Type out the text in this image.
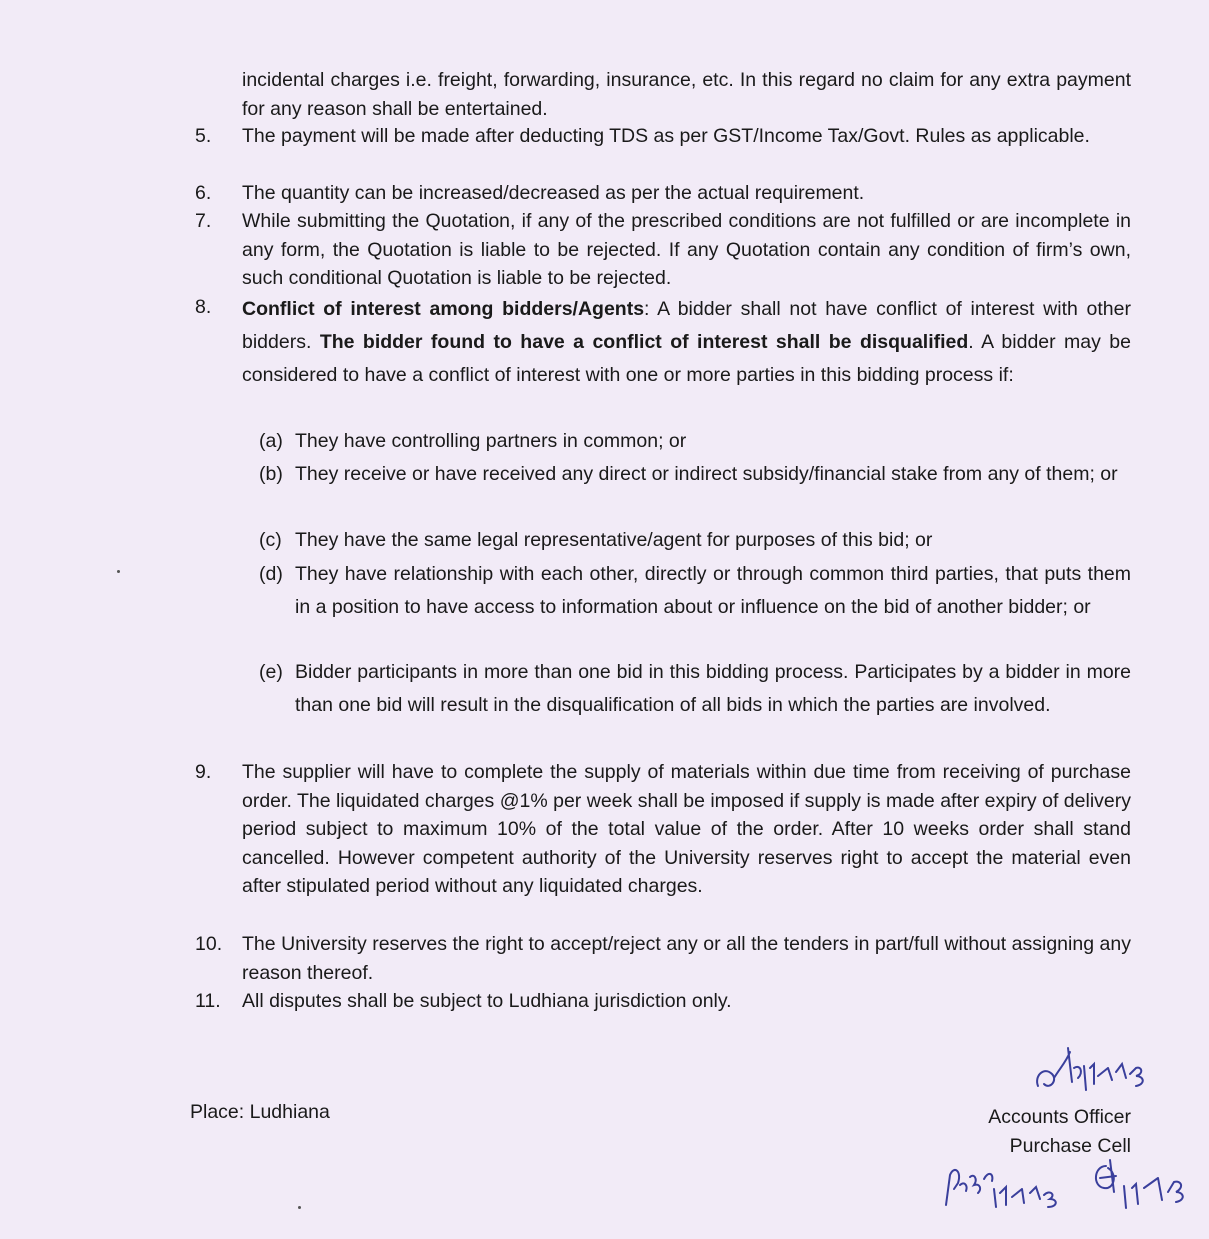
incidental charges i.e. freight, forwarding, insurance, etc. In this regard no claim for any extra payment for any reason shall be entertained.
5.	The payment will be made after deducting TDS as per GST/Income Tax/Govt. Rules as applicable.
6.	The quantity can be increased/decreased as per the actual requirement.
7.	While submitting the Quotation, if any of the prescribed conditions are not fulfilled or are incomplete in any form, the Quotation is liable to be rejected. If any Quotation contain any condition of firm’s own, such conditional Quotation is liable to be rejected.
8.	Conflict of interest among bidders/Agents: A bidder shall not have conflict of interest with other bidders. The bidder found to have a conflict of interest shall be disqualified. A bidder may be considered to have a conflict of interest with one or more parties in this bidding process if:
(a) They have controlling partners in common; or
(b) They receive or have received any direct or indirect subsidy/financial stake from any of them; or
(c) They have the same legal representative/agent for purposes of this bid; or
(d) They have relationship with each other, directly or through common third parties, that puts them in a position to have access to information about or influence on the bid of another bidder; or
(e) Bidder participants in more than one bid in this bidding process. Participates by a bidder in more than one bid will result in the disqualification of all bids in which the parties are involved.
9.	The supplier will have to complete the supply of materials within due time from receiving of purchase order. The liquidated charges @1% per week shall be imposed if supply is made after expiry of delivery period subject to maximum 10% of the total value of the order. After 10 weeks order shall stand cancelled. However competent authority of the University reserves right to accept the material even after stipulated period without any liquidated charges.
10.	The University reserves the right to accept/reject any or all the tenders in part/full without assigning any reason thereof.
11.	All disputes shall be subject to Ludhiana jurisdiction only.
Place: Ludhiana	Accounts Officer
Purchase Cell
